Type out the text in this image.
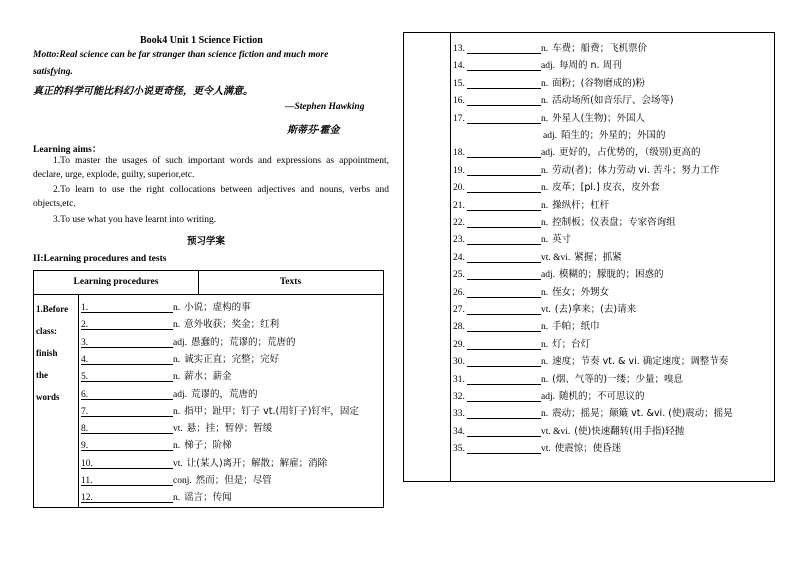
Book4 Unit 1 Science Fiction
Motto:Real science can be far stranger than science fiction and much more
satisfying.
真正的科学可能比科幻小说更奇怪，更令人满意。
—Stephen Hawking
斯蒂芬·霍金
Learning aims：
1.To master the usages of such important words and expressions as appointment, declare, urge, explode, guilty, superior,etc.
2.To learn to use the right collocations between adjectives and nouns, verbs and objects,etc.
3.To use what you have learnt into writing.
预习学案
II:Learning procedures and tests
Learning procedures	Texts
1.Before
class:
finish
the
words
1.	n. 小说；虚构的事
2.	n. 意外收获；奖金；红利
3.	adj. 愚蠢的；荒谬的；荒唐的
4.	n. 诚实正直；完整；完好
5.	n. 薪水；薪金
6.	adj. 荒谬的，荒唐的
7.	n. 指甲；趾甲；钉子 vt.(用钉子)钉牢，固定
8.	vt. 悬；挂；暂停；暂缓
9.	n. 梯子；阶梯
10.	vt. 让(某人)离开；解散；解雇；消除
11.	conj. 然而；但是；尽管
12.	n. 谣言；传闻
13.	n. 车费；船费；飞机票价
14.	adj. 每周的 n. 周刊
15.	n. 面粉；(谷物磨成的)粉
16.	n. 活动场所(如音乐厅、会场等)
17.	n. 外星人(生物)；外国人
adj. 陌生的；外星的；外国的
18.	adj. 更好的，占优势的，（级别)更高的
19.	n. 劳动(者)；体力劳动 vi. 苦斗；努力工作
20.	n. 皮革；[pl.] 皮衣，皮外套
21.	n. 操纵杆；杠杆
22.	n. 控制板；仪表盘；专家咨询组
23.	n. 英寸
24.	vt. &vi. 紧握；抓紧
25.	adj. 模糊的；朦胧的；困惑的
26.	n. 侄女；外甥女
27.	vt. (去)拿来；(去)请来
28.	n. 手帕；纸巾
29.	n. 灯；台灯
30.	n. 速度；节奏 vt. & vi. 确定速度；调整节奏
31.	n. (烟、气等的)一缕；少量；嗅息
32.	adj. 随机的；不可思议的
33.	n. 震动；摇晃；颠簸 vt. &vi. (使)震动；摇晃
34.	vt. &vi. (使)快速翻转(用手指)轻抛
35.	vt. 使震惊；使昏迷
